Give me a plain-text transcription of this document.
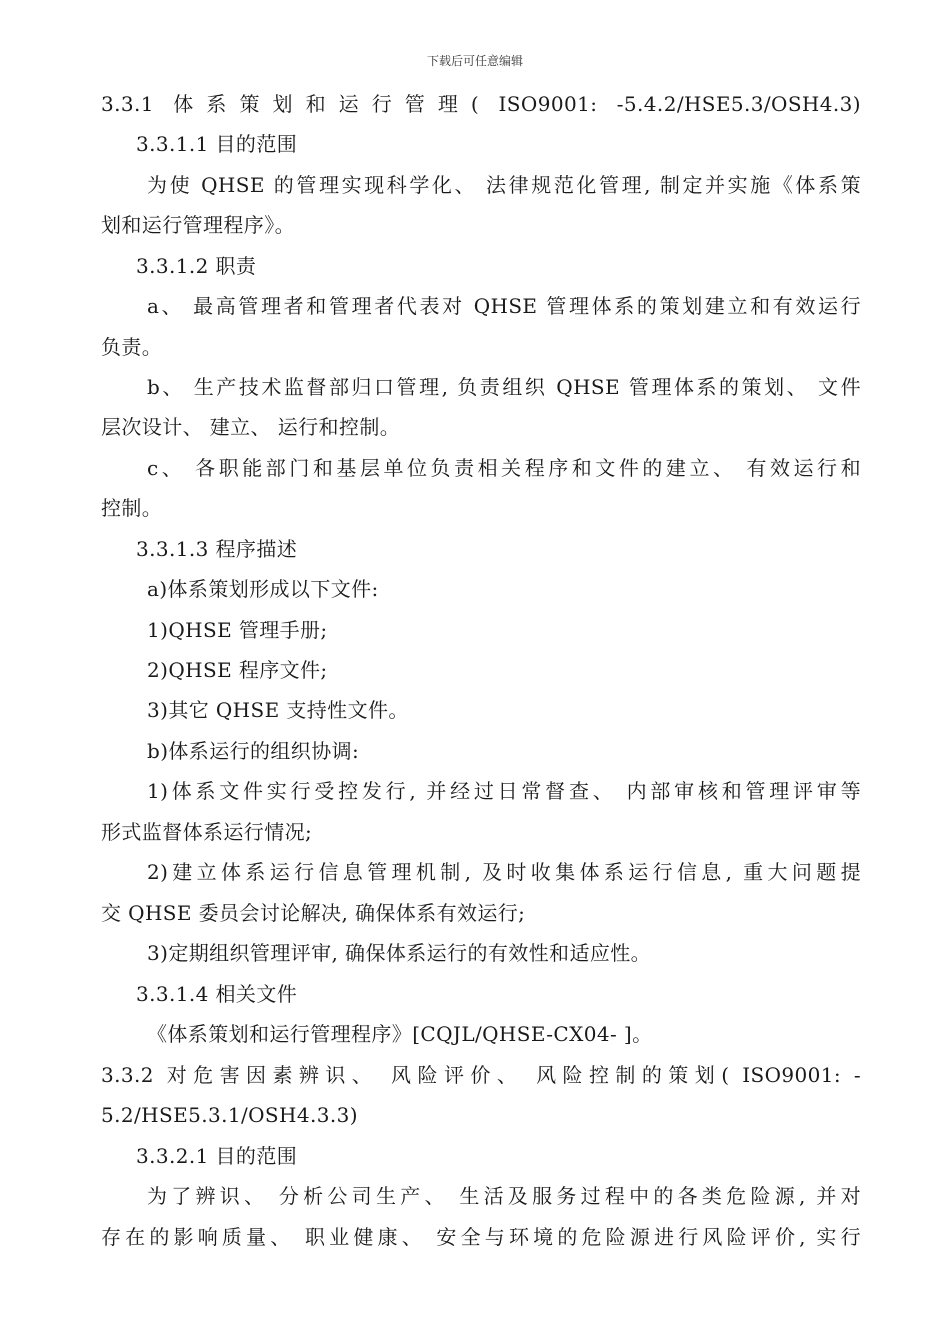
下载后可任意编辑
3.3.1 体系策划和运行管理( ISO9001: -5.4.2/HSE5.3/OSH4.3)
3.3.1.1 目的范围
为使 QHSE 的管理实现科学化、 法律规范化管理, 制定并实施《体系策
划和运行管理程序》。
3.3.1.2 职责
a、 最高管理者和管理者代表对 QHSE 管理体系的策划建立和有效运行
负责。
b、 生产技术监督部归口管理, 负责组织 QHSE 管理体系的策划、 文件
层次设计、 建立、 运行和控制。
c、 各职能部门和基层单位负责相关程序和文件的建立、 有效运行和
控制。
3.3.1.3 程序描述
a)体系策划形成以下文件:
1)QHSE 管理手册;
2)QHSE 程序文件;
3)其它 QHSE 支持性文件。
b)体系运行的组织协调:
1)体系文件实行受控发行, 并经过日常督查、 内部审核和管理评审等
形式监督体系运行情况;
2)建立体系运行信息管理机制, 及时收集体系运行信息, 重大问题提
交 QHSE 委员会讨论解决, 确保体系有效运行;
3)定期组织管理评审, 确保体系运行的有效性和适应性。
3.3.1.4 相关文件
《体系策划和运行管理程序》[CQJL/QHSE-CX04- ]。
3.3.2 对危害因素辨识、 风险评价、 风险控制的策划( ISO9001: -
5.2/HSE5.3.1/OSH4.3.3)
3.3.2.1 目的范围
为了辨识、 分析公司生产、 生活及服务过程中的各类危险源, 并对
存在的影响质量、 职业健康、 安全与环境的危险源进行风险评价, 实行
